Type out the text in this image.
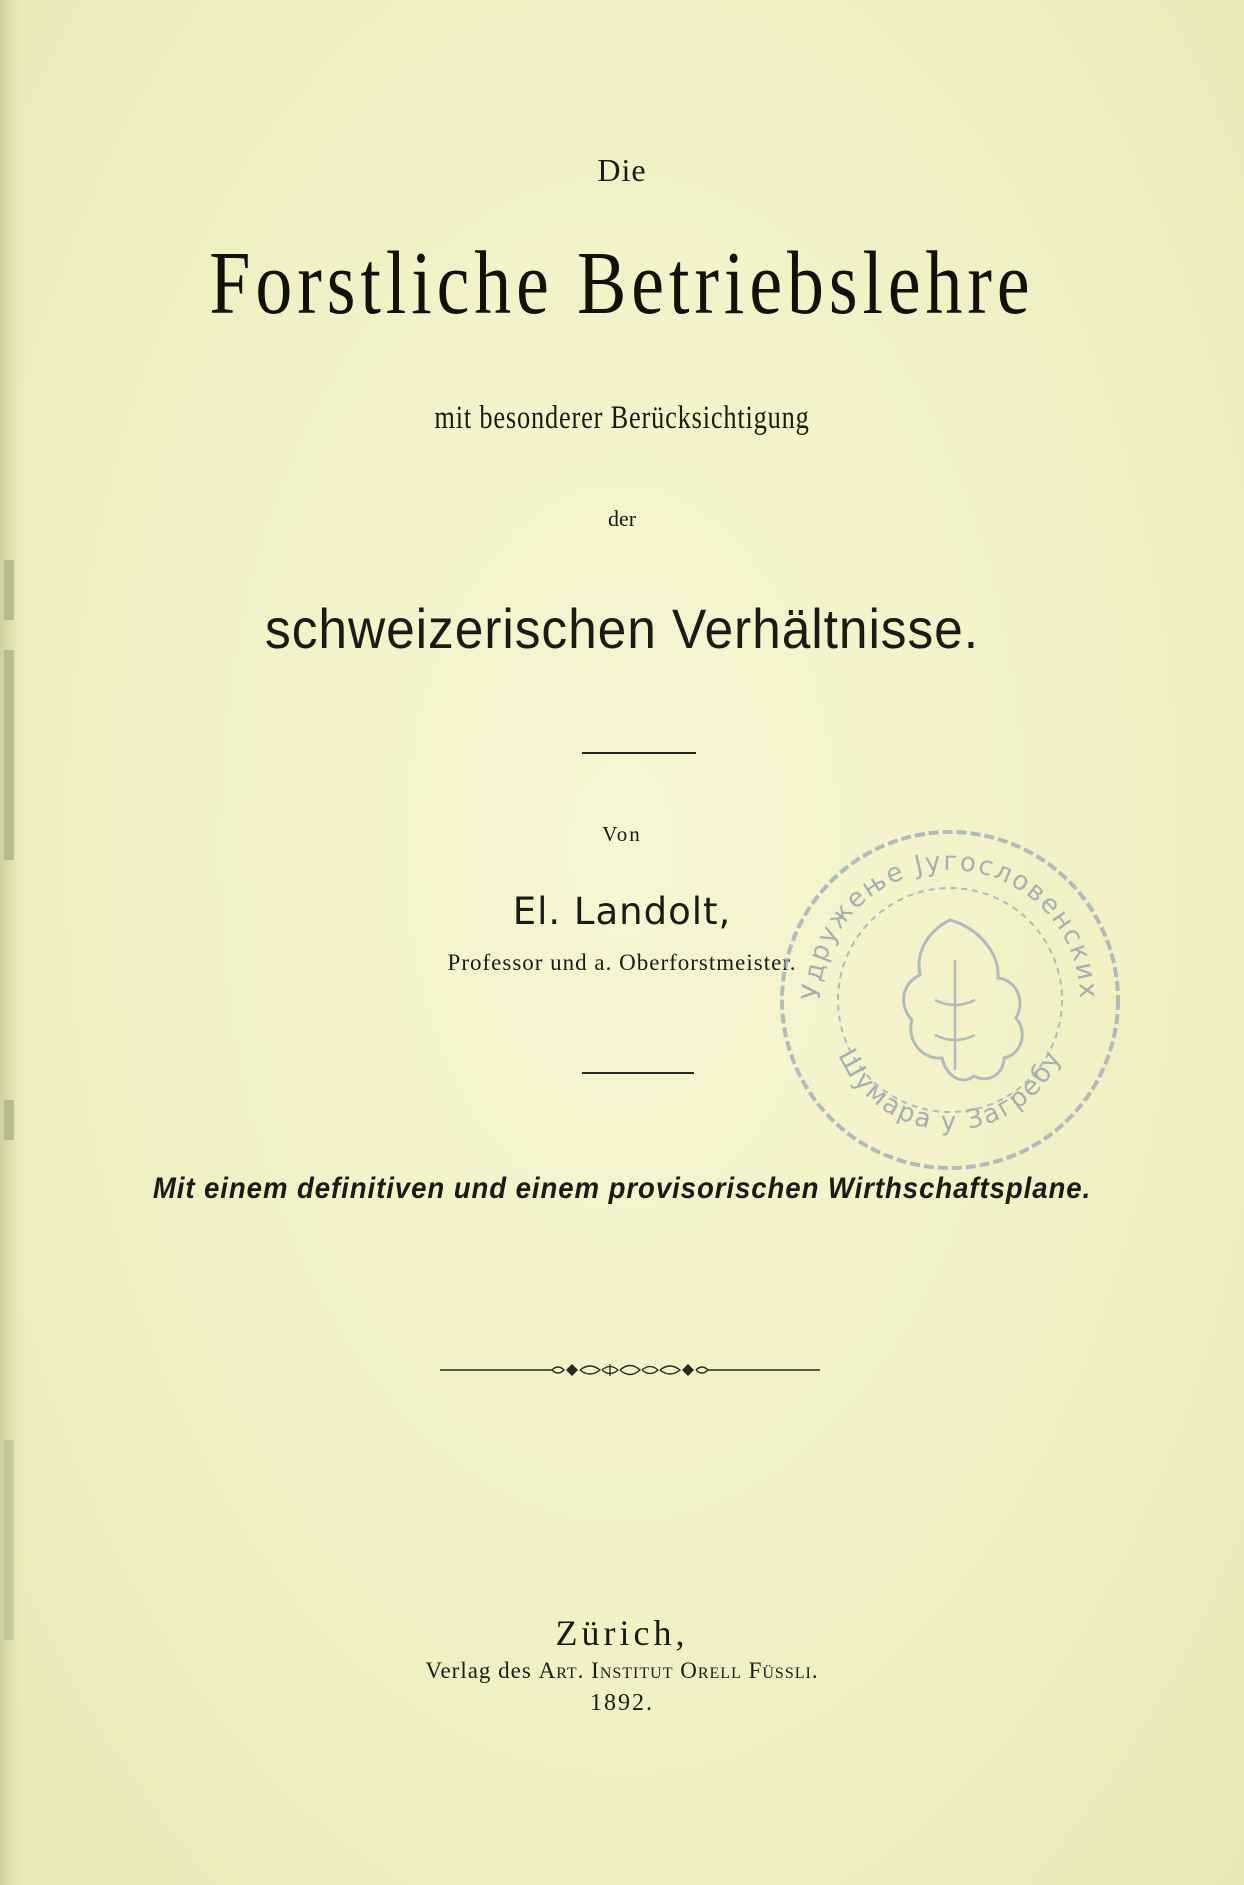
Die
Forstliche Betriebslehre
mit besonderer Berücksichtigung
der
schweizerischen Verhältnisse.
Von
El. Landolt,
Professor und a. Oberforstmeister.
Mit einem definitiven und einem provisorischen Wirthschaftsplane.
Zürich,
Verlag des Art. Institut Orell Füssli.
1892.
Удружење Југословенских
Шумара у Загребу
